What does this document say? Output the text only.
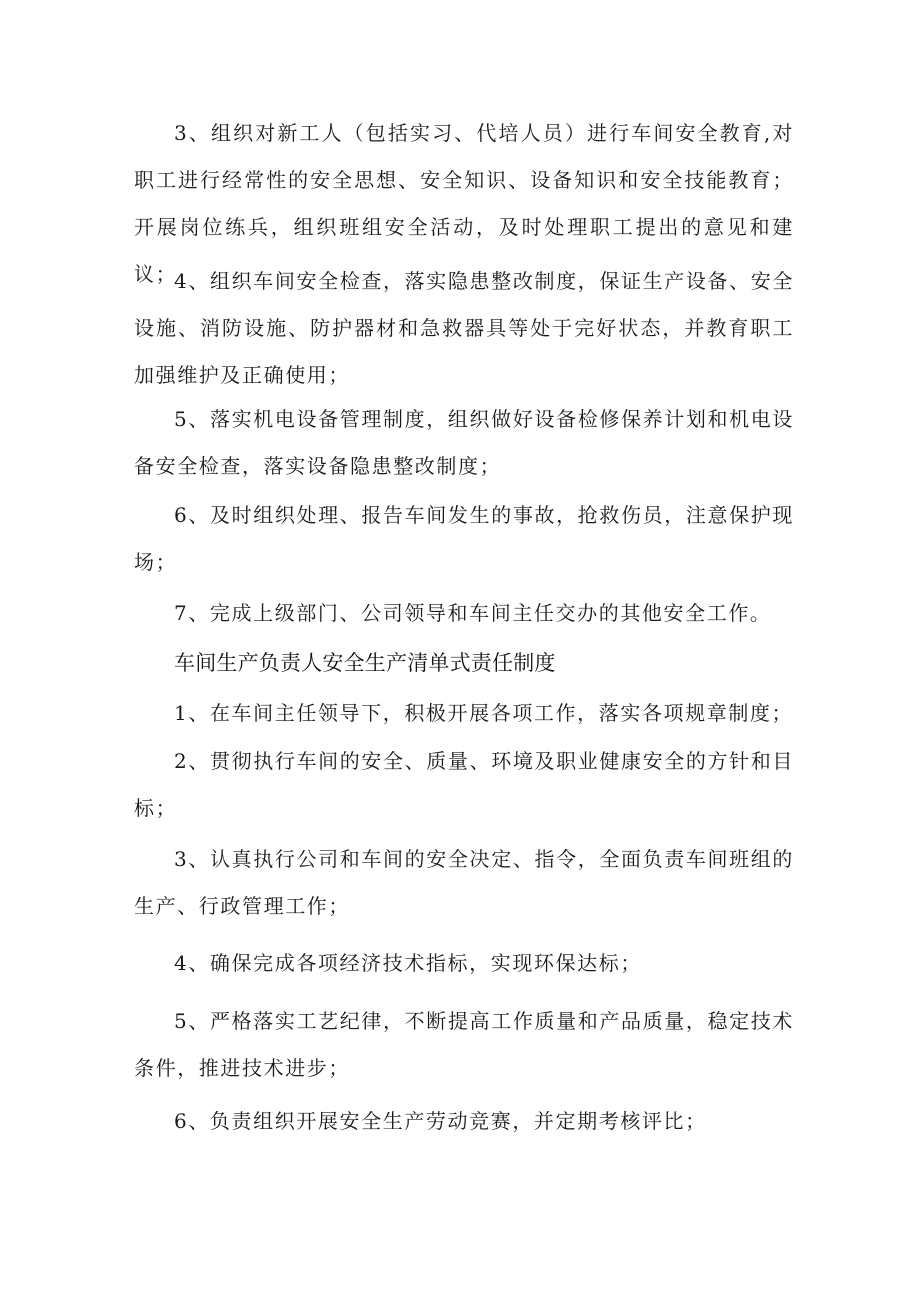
3、组织对新工人（包括实习、代培人员）进行车间安全教育,对职工进行经常性的安全思想、安全知识、设备知识和安全技能教育；开展岗位练兵，组织班组安全活动，及时处理职工提出的意见和建议；

4、组织车间安全检查，落实隐患整改制度，保证生产设备、安全设施、消防设施、防护器材和急救器具等处于完好状态，并教育职工加强维护及正确使用；

5、落实机电设备管理制度，组织做好设备检修保养计划和机电设备安全检查，落实设备隐患整改制度；

6、及时组织处理、报告车间发生的事故，抢救伤员，注意保护现场；

7、完成上级部门、公司领导和车间主任交办的其他安全工作。

车间生产负责人安全生产清单式责任制度

1、在车间主任领导下，积极开展各项工作，落实各项规章制度；

2、贯彻执行车间的安全、质量、环境及职业健康安全的方针和目标；

3、认真执行公司和车间的安全决定、指令，全面负责车间班组的生产、行政管理工作；

4、确保完成各项经济技术指标，实现环保达标；

5、严格落实工艺纪律，不断提高工作质量和产品质量，稳定技术条件，推进技术进步；

6、负责组织开展安全生产劳动竞赛，并定期考核评比；
